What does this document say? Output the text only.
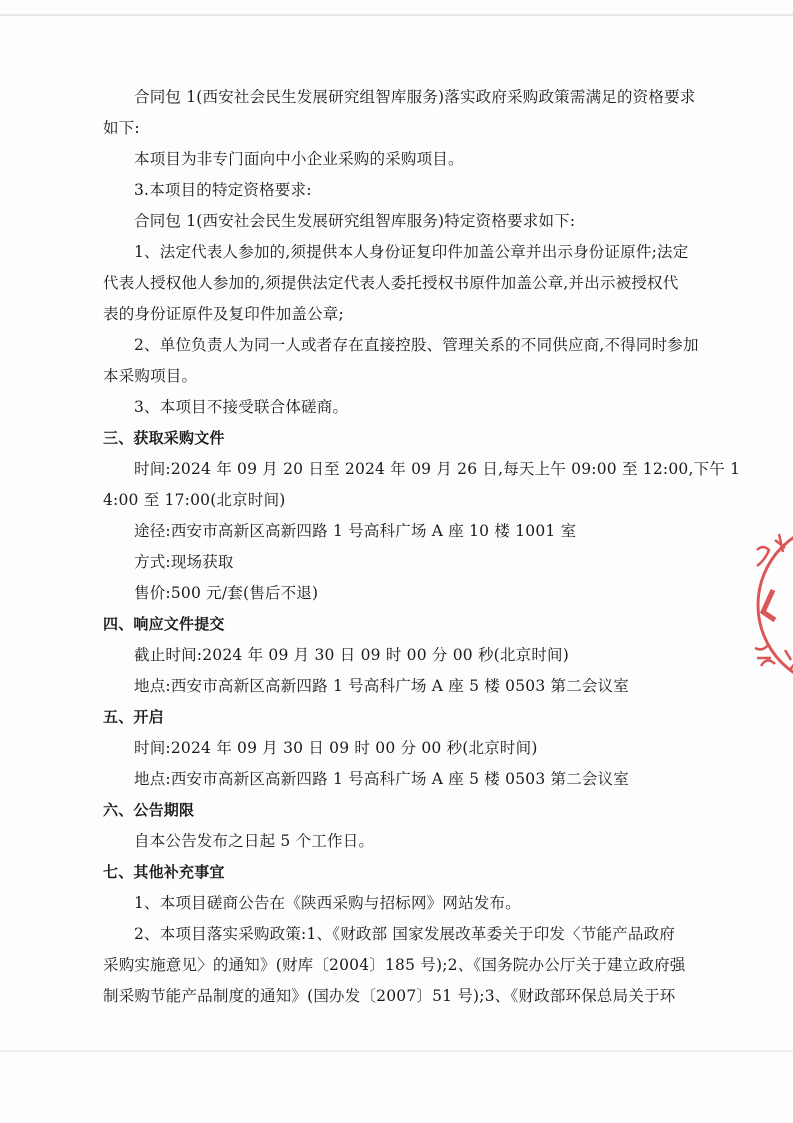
合同包 1(西安社会民生发展研究组智库服务)落实政府采购政策需满足的资格要求
如下:
本项目为非专门面向中小企业采购的采购项目。
3.本项目的特定资格要求:
合同包 1(西安社会民生发展研究组智库服务)特定资格要求如下:
1、法定代表人参加的,须提供本人身份证复印件加盖公章并出示身份证原件;法定
代表人授权他人参加的,须提供法定代表人委托授权书原件加盖公章,并出示被授权代
表的身份证原件及复印件加盖公章;
2、单位负责人为同一人或者存在直接控股、管理关系的不同供应商,不得同时参加
本采购项目。
3、本项目不接受联合体磋商。
三、获取采购文件
时间:2024 年 09 月 20 日至 2024 年 09 月 26 日,每天上午 09:00 至 12:00,下午 1
4:00 至 17:00(北京时间)
途径:西安市高新区高新四路 1 号高科广场 A 座 10 楼 1001 室
方式:现场获取
售价:500 元/套(售后不退)
四、响应文件提交
截止时间:2024 年 09 月 30 日 09 时 00 分 00 秒(北京时间)
地点:西安市高新区高新四路 1 号高科广场 A 座 5 楼 0503 第二会议室
五、开启
时间:2024 年 09 月 30 日 09 时 00 分 00 秒(北京时间)
地点:西安市高新区高新四路 1 号高科广场 A 座 5 楼 0503 第二会议室
六、公告期限
自本公告发布之日起 5 个工作日。
七、其他补充事宜
1、本项目磋商公告在《陕西采购与招标网》网站发布。
2、本项目落实采购政策:1、《财政部 国家发展改革委关于印发〈节能产品政府
采购实施意见〉的通知》(财库〔2004〕185 号);2、《国务院办公厅关于建立政府强
制采购节能产品制度的通知》(国办发〔2007〕51 号);3、《财政部环保总局关于环
